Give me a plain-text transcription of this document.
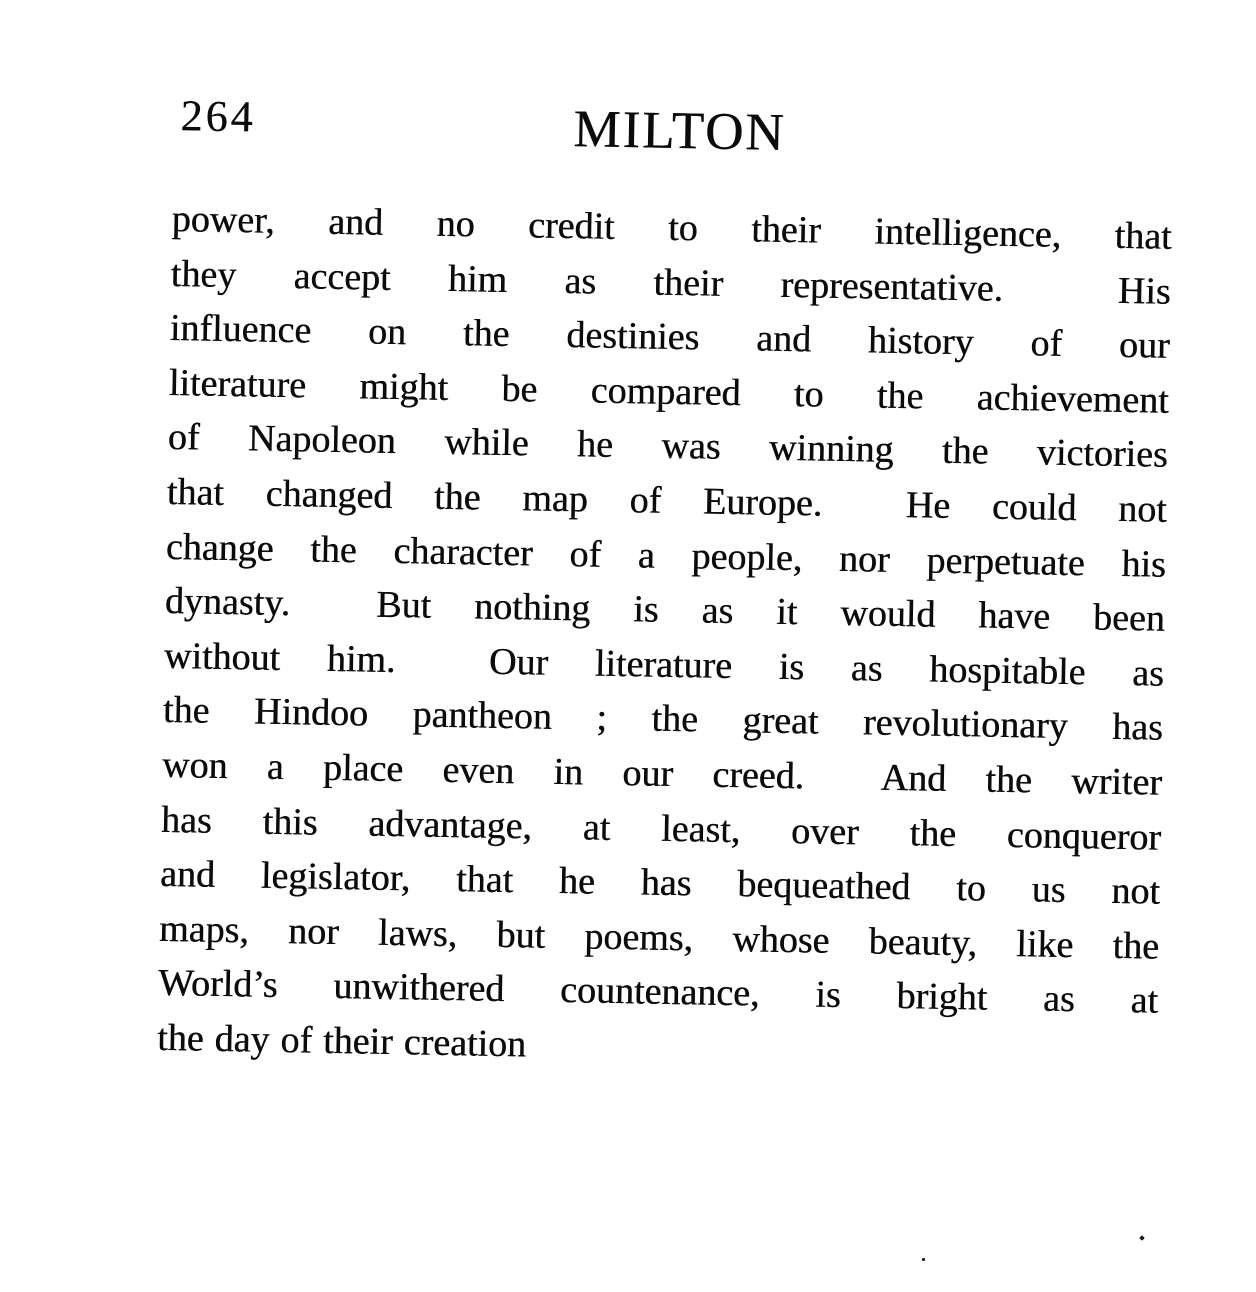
264	MILTON

power, and no credit to their intelligence, that

they accept him as their representative.  His

influence on the destinies and history of our

literature might be compared to the achievement

of Napoleon while he was winning the victories

that changed the map of Europe.  He could not

change the character of a people, nor perpetuate his

dynasty.  But nothing is as it would have been

without him.  Our literature is as hospitable as

the Hindoo pantheon ; the great revolutionary has

won a place even in our creed.  And the writer

has this advantage, at least, over the conqueror

and legislator, that he has bequeathed to us not

maps, nor laws, but poems, whose beauty, like the

World’s unwithered countenance, is bright as at

the day of their creation
